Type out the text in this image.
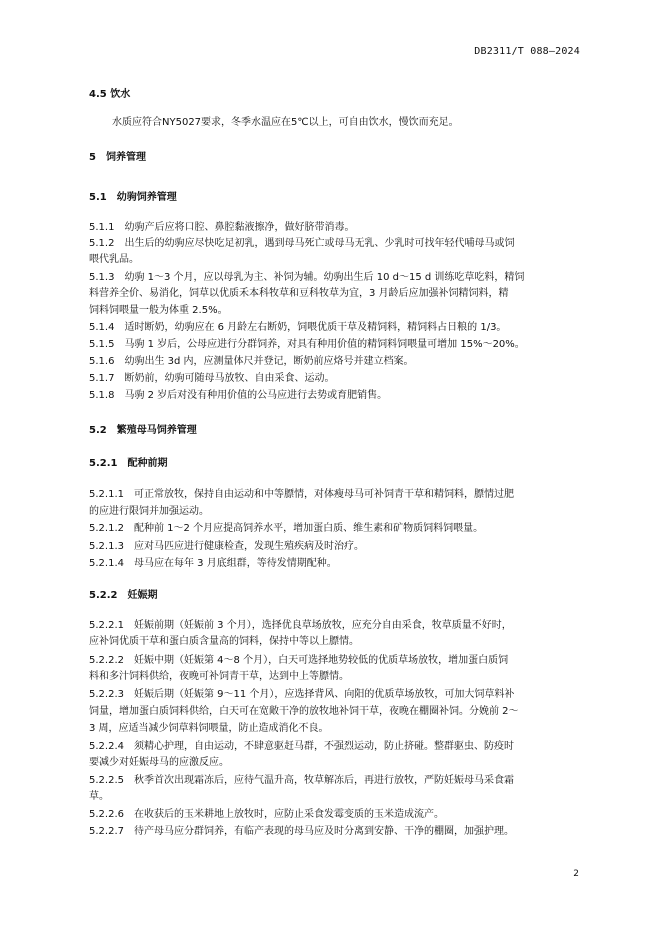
DB2311/T 088—2024
4.5 饮水
水质应符合NY5027要求，冬季水温应在5℃以上，可自由饮水，慢饮而充足。
5　饲养管理
5.1　幼驹饲养管理
5.1.1　幼驹产后应将口腔、鼻腔黏液擦净，做好脐带消毒。
5.1.2　出生后的幼驹应尽快吃足初乳，遇到母马死亡或母马无乳、少乳时可找年轻代哺母马或饲
喂代乳品。
5.1.3　幼驹 1～3 个月，应以母乳为主、补饲为辅。幼驹出生后 10 d～15 d 训练吃草吃料，精饲
料营养全价、易消化，饲草以优质禾本科牧草和豆科牧草为宜，3 月龄后应加强补饲精饲料，精
饲料饲喂量一般为体重 2.5%。
5.1.4　适时断奶，幼驹应在 6 月龄左右断奶，饲喂优质干草及精饲料，精饲料占日粮的 1/3。
5.1.5　马驹 1 岁后，公母应进行分群饲养，对具有种用价值的精饲料饲喂量可增加 15%～20%。
5.1.6　幼驹出生 3d 内，应测量体尺并登记，断奶前应烙号并建立档案。
5.1.7　断奶前，幼驹可随母马放牧、自由采食、运动。
5.1.8　马驹 2 岁后对没有种用价值的公马应进行去势或育肥销售。
5.2　繁殖母马饲养管理
5.2.1　配种前期
5.2.1.1　可正常放牧，保持自由运动和中等膘情，对体瘦母马可补饲青干草和精饲料，膘情过肥
的应进行限饲并加强运动。
5.2.1.2　配种前 1～2 个月应提高饲养水平，增加蛋白质、维生素和矿物质饲料饲喂量。
5.2.1.3　应对马匹应进行健康检查，发现生殖疾病及时治疗。
5.2.1.4　母马应在每年 3 月底组群，等待发情期配种。
5.2.2　妊娠期
5.2.2.1　妊娠前期（妊娠前 3 个月），选择优良草场放牧，应充分自由采食，牧草质量不好时，
应补饲优质干草和蛋白质含量高的饲料，保持中等以上膘情。
5.2.2.2　妊娠中期（妊娠第 4～8 个月），白天可选择地势较低的优质草场放牧，增加蛋白质饲
料和多汁饲料供给，夜晚可补饲青干草，达到中上等膘情。
5.2.2.3　妊娠后期（妊娠第 9～11 个月），应选择背风、向阳的优质草场放牧，可加大饲草料补
饲量，增加蛋白质饲料供给，白天可在宽敞干净的放牧地补饲干草，夜晚在棚圈补饲。分娩前 2～
3 周，应适当减少饲草料饲喂量，防止造成消化不良。
5.2.2.4　须精心护理，自由运动，不肆意驱赶马群，不强烈运动，防止挤碰。整群驱虫、防疫时
要减少对妊娠母马的应激反应。
5.2.2.5　秋季首次出现霜冻后，应待气温升高，牧草解冻后，再进行放牧，严防妊娠母马采食霜
草。
5.2.2.6　在收获后的玉米耕地上放牧时，应防止采食发霉变质的玉米造成流产。
5.2.2.7　待产母马应分群饲养，有临产表现的母马应及时分离到安静、干净的棚圈，加强护理。
2
